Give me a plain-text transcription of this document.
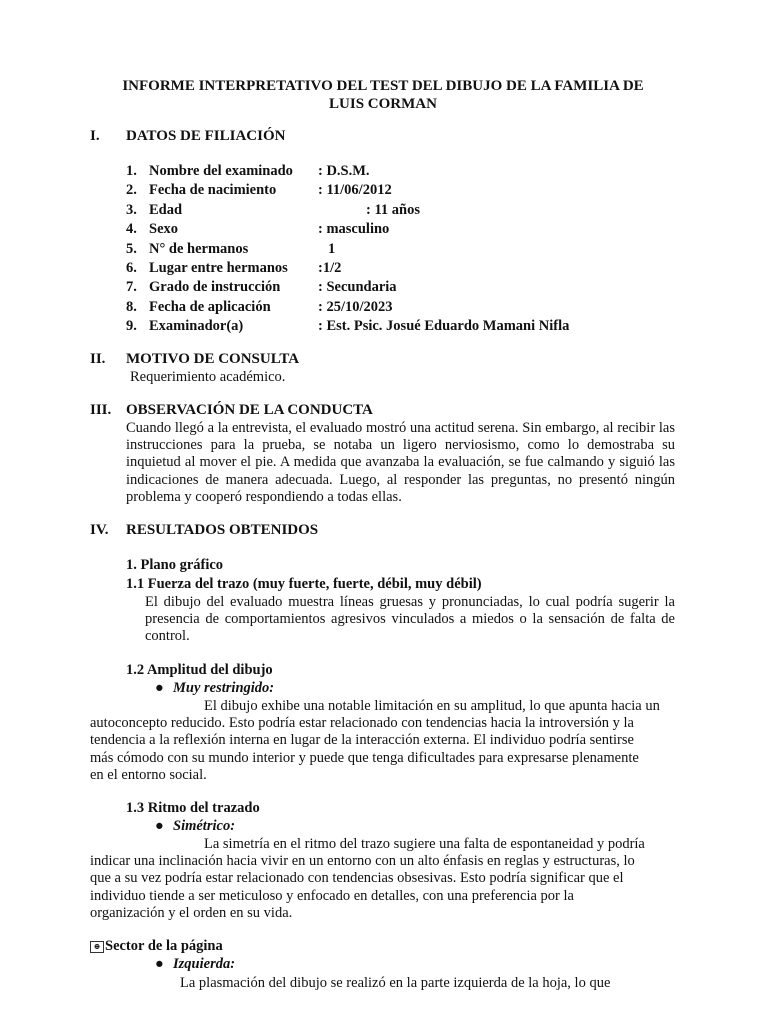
INFORME INTERPRETATIVO DEL TEST DEL DIBUJO DE LA FAMILIA DE
LUIS CORMAN
I. DATOS DE FILIACIÓN
1. Nombre del examinado : D.S.M.
2. Fecha de nacimiento	: 11/06/2012
3. Edad	: 11 años
4. Sexo	: masculino
5. N° de hermanos	1
6. Lugar entre hermanos :1/2
7. Grado de instrucción	: Secundaria
8. Fecha de aplicación	: 25/10/2023
9. Examinador(a)	: Est. Psic. Josué Eduardo Mamani Nifla
II. MOTIVO DE CONSULTA
Requerimiento académico.
III. OBSERVACIÓN DE LA CONDUCTA
Cuando llegó a la entrevista, el evaluado mostró una actitud serena. Sin embargo, al recibir las instrucciones para la prueba, se notaba un ligero nerviosismo, como lo demostraba su inquietud al mover el pie. A medida que avanzaba la evaluación, se fue calmando y siguió las indicaciones de manera adecuada. Luego, al responder las preguntas, no presentó ningún problema y cooperó respondiendo a todas ellas.
IV. RESULTADOS OBTENIDOS
1. Plano gráfico
1.1 Fuerza del trazo (muy fuerte, fuerte, débil, muy débil)
El dibujo del evaluado muestra líneas gruesas y pronunciadas, lo cual podría sugerir la presencia de comportamientos agresivos vinculados a miedos o la sensación de falta de control.
1.2 Amplitud del dibujo
● Muy restringido:
El dibujo exhibe una notable limitación en su amplitud, lo que apunta hacia un
autoconcepto reducido. Esto podría estar relacionado con tendencias hacia la introversión y la
tendencia a la reflexión interna en lugar de la interacción externa. El individuo podría sentirse
más cómodo con su mundo interior y puede que tenga dificultades para expresarse plenamente
en el entorno social.
1.3 Ritmo del trazado
● Simétrico:
La simetría en el ritmo del trazo sugiere una falta de espontaneidad y podría
indicar una inclinación hacia vivir en un entorno con un alto énfasis en reglas y estructuras, lo
que a su vez podría estar relacionado con tendencias obsesivas. Esto podría significar que el
individuo tiende a ser meticuloso y enfocado en detalles, con una preferencia por la
organización y el orden en su vida.
⊕ Sector de la página
● Izquierda:
La plasmación del dibujo se realizó en la parte izquierda de la hoja, lo que
